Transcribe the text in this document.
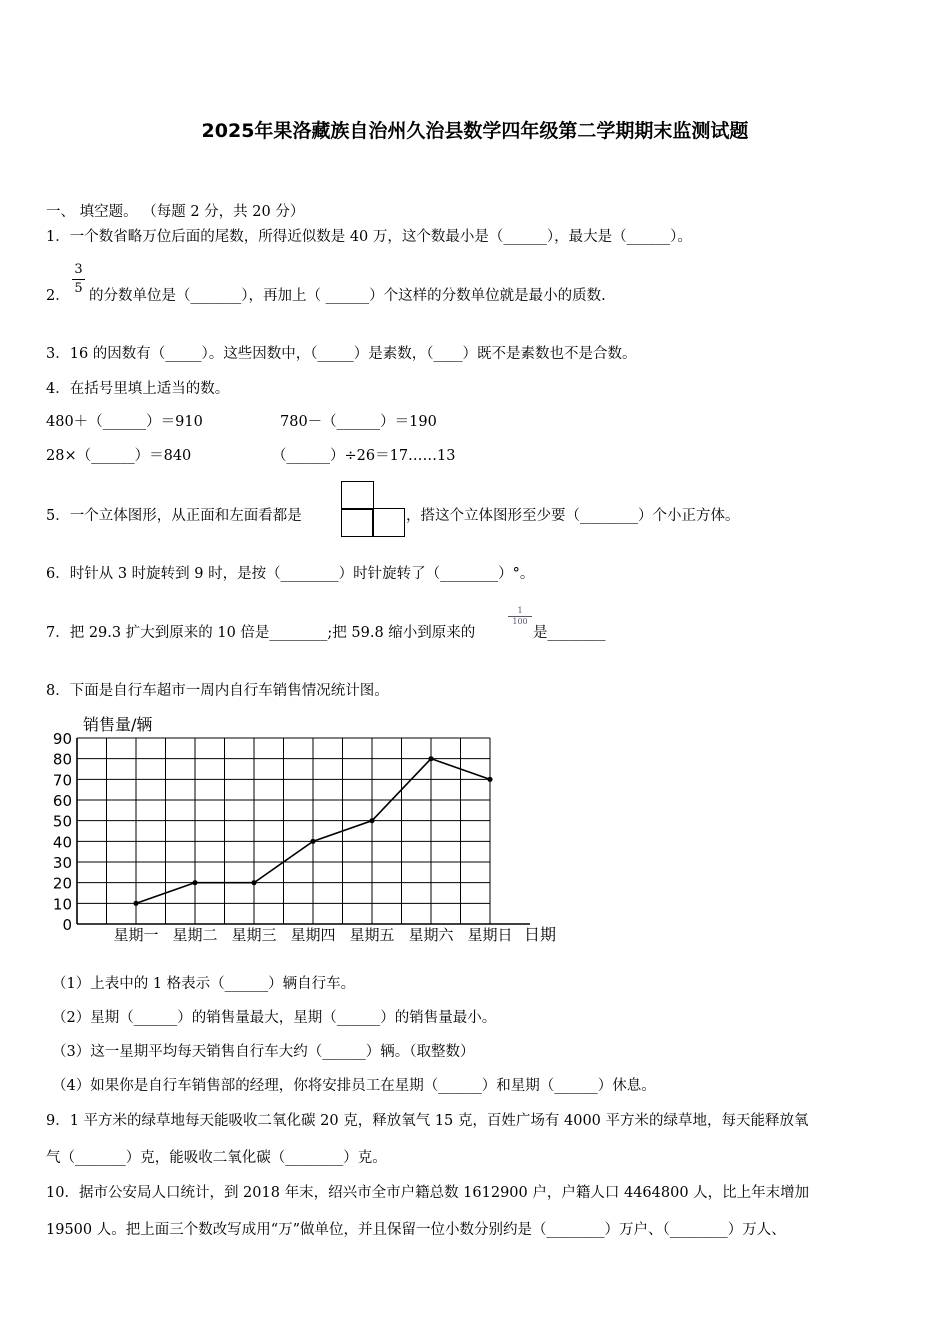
2025年果洛藏族自治州久治县数学四年级第二学期期末监测试题
一、 填空题。 （每题 2 分，共 20 分）
1．一个数省略万位后面的尾数，所得近似数是 40 万，这个数最小是（______），最大是（______）。
2．
3
5 的分数单位是（_______），再加上（ ______）个这样的分数单位就是最小的质数.
3．16 的因数有（_____）。这些因数中，（_____）是素数，（____）既不是素数也不是合数。
4．在括号里填上适当的数。
480＋（______）＝910	780－（______）＝190
28×（______）＝840	（______）÷26＝17……13
5．一个立体图形，从正面和左面看都是	，搭这个立体图形至少要（________）个小正方体。
6．时针从 3 时旋转到 9 时，是按（________）时针旋转了（________）°。
7．把 29.3 扩大到原来的 10 倍是________;把 59.8 缩小到原来的
1
100
是________
8．下面是自行车超市一周内自行车销售情况统计图。
销售量/辆
日期
0
10
20
30
40
50
60
70
80
90
星期一 星期二 星期三 星期四 星期五 星期六 星期日
（1）上表中的 1 格表示（______）辆自行车。
（2）星期（______）的销售量最大，星期（______）的销售量最小。
（3）这一星期平均每天销售自行车大约（______）辆。（取整数）
（4）如果你是自行车销售部的经理，你将安排员工在星期（______）和星期（______）休息。
9．1 平方米的绿草地每天能吸收二氧化碳 20 克，释放氧气 15 克，百姓广场有 4000 平方米的绿草地，每天能释放氧
气（_______）克，能吸收二氧化碳（________）克。
10．据市公安局人口统计，到 2018 年末，绍兴市全市户籍总数 1612900 户，户籍人口 4464800 人，比上年末增加
19500 人。把上面三个数改写成用“万”做单位，并且保留一位小数分别约是（________）万户、（________）万人、
